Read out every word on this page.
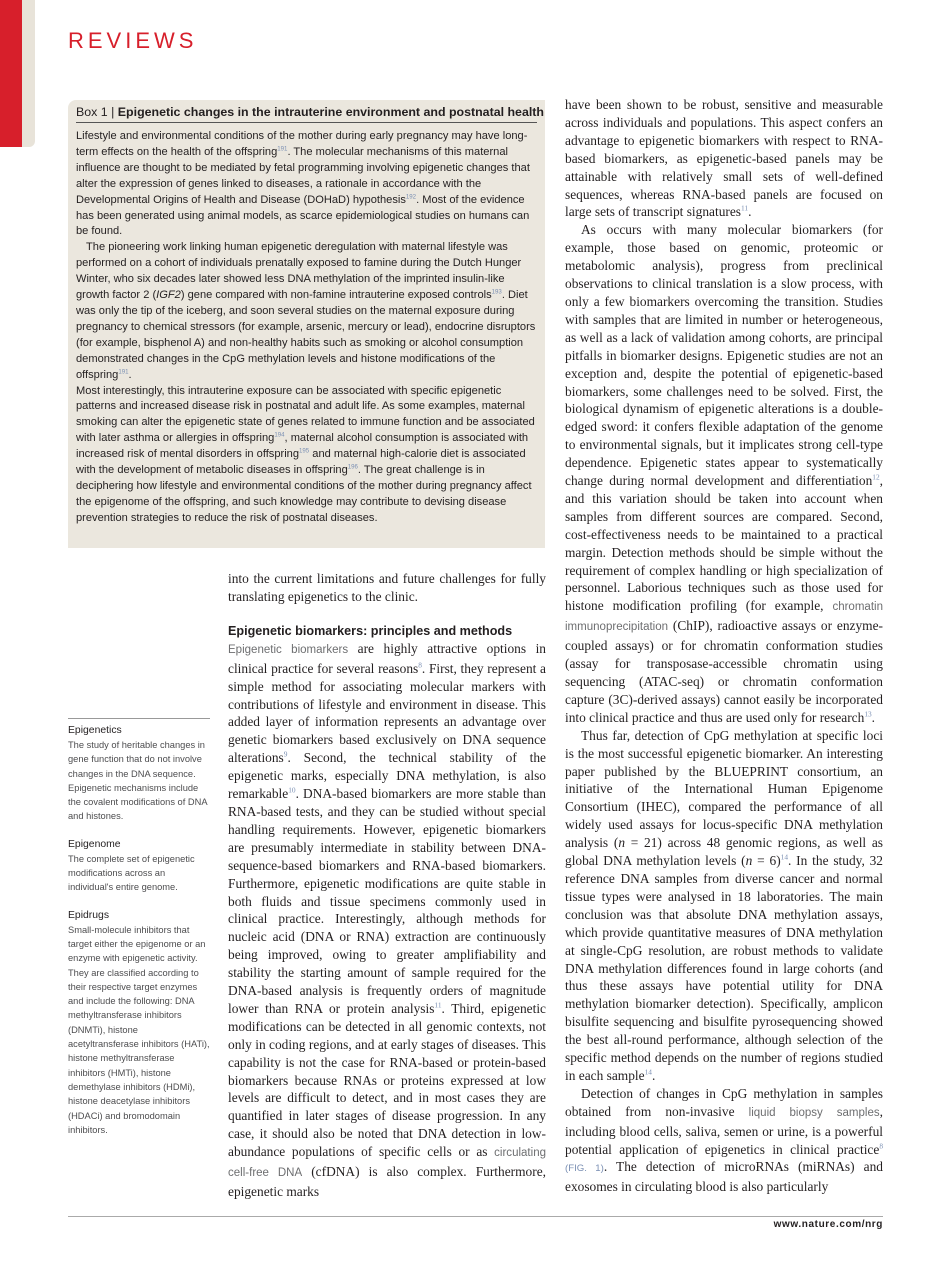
REVIEWS
Box 1 | Epigenetic changes in the intrauterine environment and postnatal health

Lifestyle and environmental conditions of the mother during early pregnancy may have long-term effects on the health of the offspring$^{191}$. The molecular mechanisms of this maternal influence are thought to be mediated by fetal programming involving epigenetic changes that alter the expression of genes linked to diseases, a rationale in accordance with the Developmental Origins of Health and Disease (DOHaD) hypothesis$^{192}$. Most of the evidence has been generated using animal models, as scarce epidemiological studies on humans can be found.

The pioneering work linking human epigenetic deregulation with maternal lifestyle was performed on a cohort of individuals prenatally exposed to famine during the Dutch Hunger Winter, who six decades later showed less DNA methylation of the imprinted insulin-like growth factor 2 (IGF2) gene compared with non-famine intrauterine exposed controls$^{193}$. Diet was only the tip of the iceberg, and soon several studies on the maternal exposure during pregnancy to chemical stressors (for example, arsenic, mercury or lead), endocrine disruptors (for example, bisphenol A) and non-healthy habits such as smoking or alcohol consumption demonstrated changes in the CpG methylation levels and histone modifications of the offspring$^{191}$.

Most interestingly, this intrauterine exposure can be associated with specific epigenetic patterns and increased disease risk in postnatal and adult life. As some examples, maternal smoking can alter the epigenetic state of genes related to immune function and be associated with later asthma or allergies in offspring$^{194}$, maternal alcohol consumption is associated with increased risk of mental disorders in offspring$^{195}$ and maternal high-calorie diet is associated with the development of metabolic diseases in offspring$^{196}$. The great challenge is in deciphering how lifestyle and environmental conditions of the mother during pregnancy affect the epigenome of the offspring, and such knowledge may contribute to devising disease prevention strategies to reduce the risk of postnatal diseases.

Epigenetics
The study of heritable changes in gene function that do not involve changes in the DNA sequence. Epigenetic mechanisms include the covalent modifications of DNA and histones.
Epigenome
The complete set of epigenetic modifications across an individual's entire genome.
Epidrugs
Small-molecule inhibitors that target either the epigenome or an enzyme with epigenetic activity. They are classified according to their respective target enzymes and include the following: DNA methyltransferase inhibitors (DNMTi), histone acetyltransferase inhibitors (HATi), histone methyltransferase inhibitors (HMTi), histone demethylase inhibitors (HDMi), histone deacetylase inhibitors (HDACi) and bromodomain inhibitors.

into the current limitations and future challenges for fully translating epigenetics to the clinic.

Epigenetic biomarkers: principles and methods

Epigenetic biomarkers are highly attractive options in clinical practice for several reasons$^8$. First, they represent a simple method for associating molecular markers with contributions of lifestyle and environment in disease. This added layer of information represents an advantage over genetic biomarkers based exclusively on DNA sequence alterations$^9$. Second, the technical stability of the epigenetic marks, especially DNA methylation, is also remarkable$^{10}$. DNA-based biomarkers are more stable than RNA-based tests, and they can be studied without special handling requirements. However, epigenetic biomarkers are presumably intermediate in stability between DNA-sequence-based biomarkers and RNA-based biomarkers. Furthermore, epigenetic modifications are quite stable in both fluids and tissue specimens commonly used in clinical practice. Interestingly, although methods for nucleic acid (DNA or RNA) extraction are continuously being improved, owing to greater amplifiability and stability the starting amount of sample required for the DNA-based analysis is frequently orders of magnitude lower than RNA or protein analysis$^{11}$. Third, epigenetic modifications can be detected in all genomic contexts, not only in coding regions, and at early stages of diseases. This capability is not the case for RNA-based or protein-based biomarkers because RNAs or proteins expressed at low levels are difficult to detect, and in most cases they are quantified in later stages of disease progression. In any case, it should also be noted that DNA detection in low-abundance populations of specific cells or as circulating cell-free DNA (cfDNA) is also complex. Furthermore, epigenetic marks

have been shown to be robust, sensitive and measurable across individuals and populations. This aspect confers an advantage to epigenetic biomarkers with respect to RNA-based biomarkers, as epigenetic-based panels may be attainable with relatively small sets of well-defined sequences, whereas RNA-based panels are focused on large sets of transcript signatures$^{11}$.

As occurs with many molecular biomarkers (for example, those based on genomic, proteomic or metabolomic analysis), progress from preclinical observations to clinical translation is a slow process, with only a few biomarkers overcoming the transition. Studies with samples that are limited in number or heterogeneous, as well as a lack of validation among cohorts, are principal pitfalls in biomarker designs. Epigenetic studies are not an exception and, despite the potential of epigenetic-based biomarkers, some challenges need to be solved. First, the biological dynamism of epigenetic alterations is a double-edged sword: it confers flexible adaptation of the genome to environmental signals, but it implicates strong cell-type dependence. Epigenetic states appear to systematically change during normal development and differentiation$^{12}$, and this variation should be taken into account when samples from different sources are compared. Second, cost-effectiveness needs to be maintained to a practical margin. Detection methods should be simple without the requirement of complex handling or high specialization of personnel. Laborious techniques such as those used for histone modification profiling (for example, chromatin immunoprecipitation (ChIP), radioactive assays or enzyme-coupled assays) or for chromatin conformation studies (assay for transposase-accessible chromatin using sequencing (ATAC-seq) or chromatin conformation capture (3C)-derived assays) cannot easily be incorporated into clinical practice and thus are used only for research$^{13}$.

Thus far, detection of CpG methylation at specific loci is the most successful epigenetic biomarker. An interesting paper published by the BLUEPRINT consortium, an initiative of the International Human Epigenome Consortium (IHEC), compared the performance of all widely used assays for locus-specific DNA methylation analysis (n = 21) across 48 genomic regions, as well as global DNA methylation levels (n = 6)$^{14}$. In the study, 32 reference DNA samples from diverse cancer and normal tissue types were analysed in 18 laboratories. The main conclusion was that absolute DNA methylation assays, which provide quantitative measures of DNA methylation at single-CpG resolution, are robust methods to validate DNA methylation differences found in large cohorts (and thus these assays have potential utility for DNA methylation biomarker detection). Specifically, amplicon bisulfite sequencing and bisulfite pyrosequencing showed the best all-round performance, although selection of the specific method depends on the number of regions studied in each sample$^{14}$.

Detection of changes in CpG methylation in samples obtained from non-invasive liquid biopsy samples, including blood cells, saliva, semen or urine, is a powerful potential application of epigenetics in clinical practice$^8$ (FIG. 1). The detection of microRNAs (miRNAs) and exosomes in circulating blood is also particularly

www.nature.com/nrg
